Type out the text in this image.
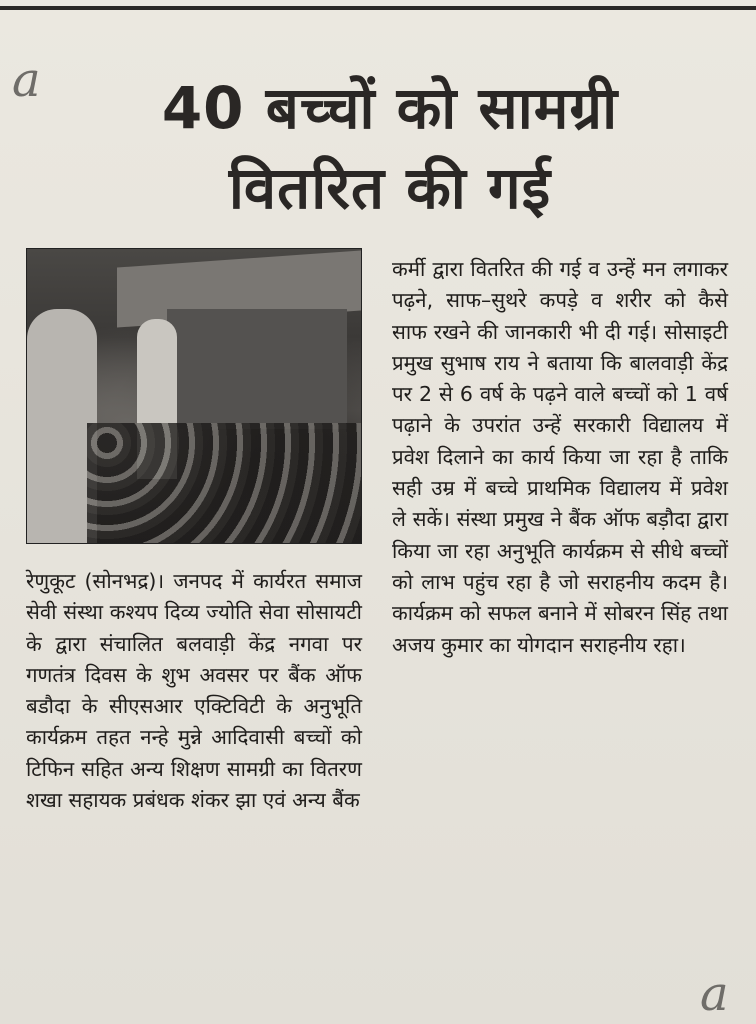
a	40 बच्चों को सामग्री
वितरित की गई

कर्मी द्वारा वितरित की गई व उन्हें मन लगाकर पढ़ने, साफ–सुथरे कपड़े व शरीर को कैसे साफ रखने की जानकारी भी दी गई। सोसाइटी प्रमुख सुभाष राय ने बताया कि बालवाड़ी केंद्र पर 2 से 6 वर्ष के पढ़ने वाले बच्चों को 1 वर्ष पढ़ाने के उपरांत उन्हें सरकारी विद्यालय में प्रवेश दिलाने का कार्य किया जा रहा है ताकि सही उम्र में बच्चे प्राथमिक विद्यालय में प्रवेश ले सकें। संस्था प्रमुख ने बैंक ऑफ बड़ौदा द्वारा किया जा रहा अनुभूति कार्यक्रम से सीधे बच्चों को लाभ पहुंच रहा है जो सराहनीय कदम है। कार्यक्रम को सफल बनाने में सोबरन सिंह तथा अजय कुमार का योगदान सराहनीय रहा।

रेणुकूट (सोनभद्र)। जनपद में कार्यरत समाज सेवी संस्था कश्यप दिव्य ज्योति सेवा सोसायटी के द्वारा संचालित बलवाड़ी केंद्र नगवा पर गणतंत्र दिवस के शुभ अवसर पर बैंक ऑफ बडौदा के सीएसआर एक्टिविटी के अनुभूति कार्यक्रम तहत नन्हे मुन्ने आदिवासी बच्चों को टिफिन सहित अन्य शिक्षण सामग्री का वितरण शखा सहायक प्रबंधक शंकर झा एवं अन्य बैंक

a
